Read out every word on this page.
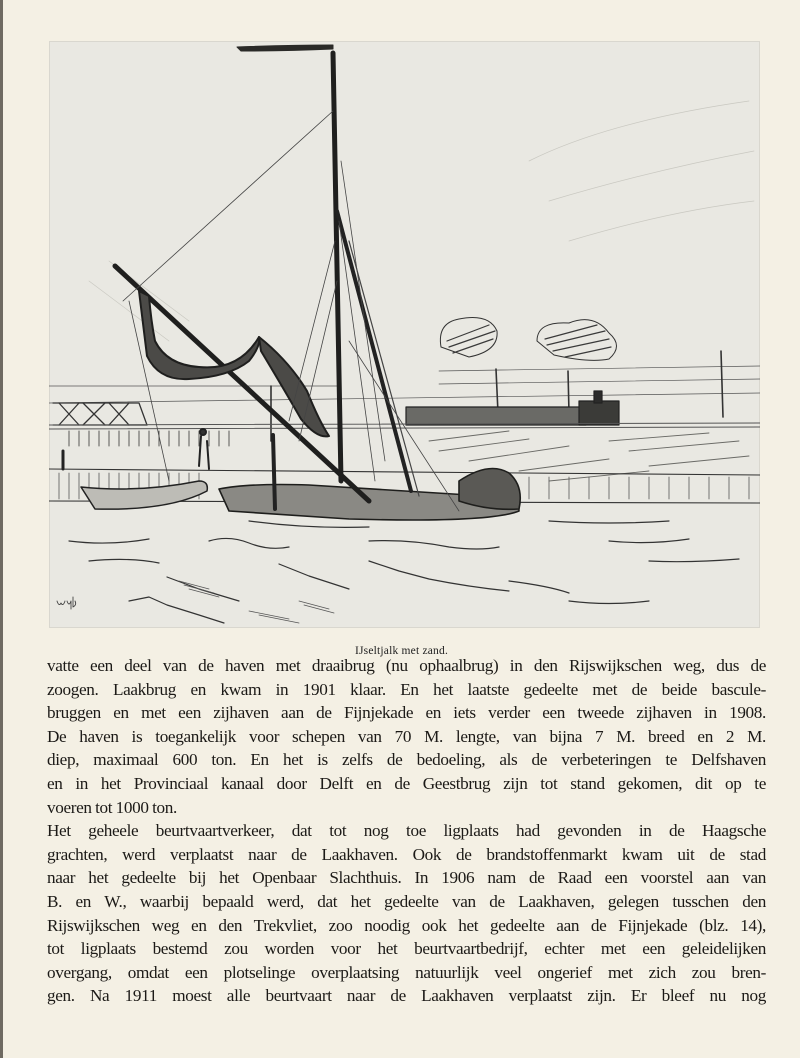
IJseltjalk met zand.
vatte een deel van de haven met draaibrug (nu ophaalbrug) in den Rijswijkschen weg, dus de
zoogen. Laakbrug en kwam in 1901 klaar. En het laatste gedeelte met de beide bascule-
bruggen en met een zijhaven aan de Fijnjekade en iets verder een tweede zijhaven in 1908.
De haven is toegankelijk voor schepen van 70 M. lengte, van bijna 7 M. breed en 2 M.
diep, maximaal 600 ton. En het is zelfs de bedoeling, als de verbeteringen te Delfshaven
en in het Provinciaal kanaal door Delft en de Geestbrug zijn tot stand gekomen, dit op te
voeren tot 1000 ton.
Het geheele beurtvaartverkeer, dat tot nog toe ligplaats had gevonden in de Haagsche
grachten, werd verplaatst naar de Laakhaven. Ook de brandstoffenmarkt kwam uit de stad
naar het gedeelte bij het Openbaar Slachthuis. In 1906 nam de Raad een voorstel aan van
B. en W., waarbij bepaald werd, dat het gedeelte van de Laakhaven, gelegen tusschen den
Rijswijkschen weg en den Trekvliet, zoo noodig ook het gedeelte aan de Fijnjekade (blz. 14),
tot ligplaats bestemd zou worden voor het beurtvaartbedrijf, echter met een geleidelijken
overgang, omdat een plotselinge overplaatsing natuurlijk veel ongerief met zich zou bren-
gen. Na 1911 moest alle beurtvaart naar de Laakhaven verplaatst zijn. Er bleef nu nog
